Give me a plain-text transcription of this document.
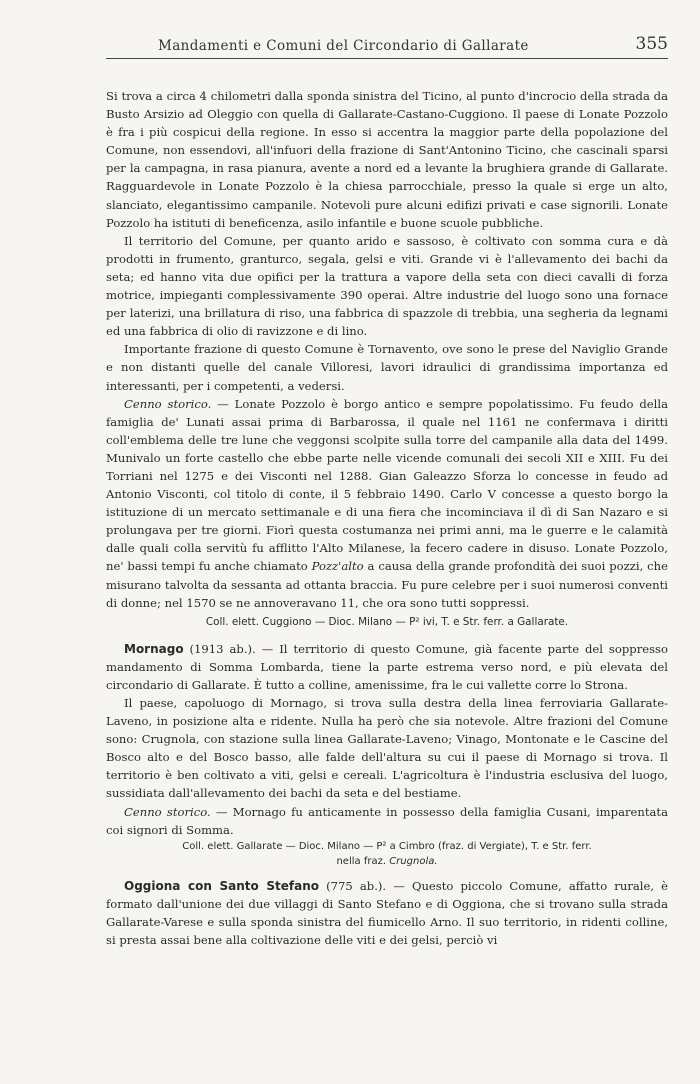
Mandamenti e Comuni del Circondario di Gallarate	355

Si trova a circa 4 chilometri dalla sponda sinistra del Ticino, al punto d'incrocio della strada da Busto Arsizio ad Oleggio con quella di Gallarate-Castano-Cuggiono. Il paese di Lonate Pozzolo è fra i più cospicui della regione. In esso si accentra la maggior parte della popolazione del Comune, non essendovi, all'infuori della frazione di Sant'Antonino Ticino, che cascinali sparsi per la campagna, in rasa pianura, avente a nord ed a levante la brughiera grande di Gallarate. Ragguardevole in Lonate Pozzolo è la chiesa parrocchiale, presso la quale si erge un alto, slanciato, elegantissimo campanile. Notevoli pure alcuni edifizi privati e case signorili. Lonate Pozzolo ha istituti di beneficenza, asilo infantile e buone scuole pubbliche.

Il territorio del Comune, per quanto arido e sassoso, è coltivato con somma cura e dà prodotti in frumento, granturco, segala, gelsi e viti. Grande vi è l'allevamento dei bachi da seta; ed hanno vita due opifici per la trattura a vapore della seta con dieci cavalli di forza motrice, impieganti complessivamente 390 operai. Altre industrie del luogo sono una fornace per laterizi, una brillatura di riso, una fabbrica di spazzole di trebbia, una segheria da legnami ed una fabbrica di olio di ravizzone e di lino.

Importante frazione di questo Comune è Tornavento, ove sono le prese del Naviglio Grande e non distanti quelle del canale Villoresi, lavori idraulici di grandissima importanza ed interessanti, per i competenti, a vedersi.

Cenno storico. — Lonate Pozzolo è borgo antico e sempre popolatissimo. Fu feudo della famiglia de' Lunati assai prima di Barbarossa, il quale nel 1161 ne confermava i diritti coll'emblema delle tre lune che veggonsi scolpite sulla torre del campanile alla data del 1499. Munivalo un forte castello che ebbe parte nelle vicende comunali dei secoli XII e XIII. Fu dei Torriani nel 1275 e dei Visconti nel 1288. Gian Galeazzo Sforza lo concesse in feudo ad Antonio Visconti, col titolo di conte, il 5 febbraio 1490. Carlo V concesse a questo borgo la istituzione di un mercato settimanale e di una fiera che incominciava il dì di San Nazaro e si prolungava per tre giorni. Fiorì questa costumanza nei primi anni, ma le guerre e le calamità dalle quali colla servitù fu afflitto l'Alto Milanese, la fecero cadere in disuso. Lonate Pozzolo, ne' bassi tempi fu anche chiamato Pozz'alto a causa della grande profondità dei suoi pozzi, che misurano talvolta da sessanta ad ottanta braccia. Fu pure celebre per i suoi numerosi conventi di donne; nel 1570 se ne annoveravano 11, che ora sono tutti soppressi.

Coll. elett. Cuggiono — Dioc. Milano — P² ivi, T. e Str. ferr. a Gallarate.

Mornago (1913 ab.). — Il territorio di questo Comune, già facente parte del soppresso mandamento di Somma Lombarda, tiene la parte estrema verso nord, e più elevata del circondario di Gallarate. È tutto a colline, amenissime, fra le cui vallette corre lo Strona.

Il paese, capoluogo di Mornago, si trova sulla destra della linea ferroviaria Gallarate-Laveno, in posizione alta e ridente. Nulla ha però che sia notevole. Altre frazioni del Comune sono: Crugnola, con stazione sulla linea Gallarate-Laveno; Vinago, Montonate e le Cascine del Bosco alto e del Bosco basso, alle falde dell'altura su cui il paese di Mornago si trova. Il territorio è ben coltivato a viti, gelsi e cereali. L'agricoltura è l'industria esclusiva del luogo, sussidiata dall'allevamento dei bachi da seta e del bestiame.

Cenno storico. — Mornago fu anticamente in possesso della famiglia Cusani, imparentata coi signori di Somma.

Coll. elett. Gallarate — Dioc. Milano — P² a Cimbro (fraz. di Vergiate), T. e Str. ferr.
nella fraz. Crugnola.

Oggiona con Santo Stefano (775 ab.). — Questo piccolo Comune, affatto rurale, è formato dall'unione dei due villaggi di Santo Stefano e di Oggiona, che si trovano sulla strada Gallarate-Varese e sulla sponda sinistra del fiumicello Arno. Il suo territorio, in ridenti colline, si presta assai bene alla coltivazione delle viti e dei gelsi, perciò vi
